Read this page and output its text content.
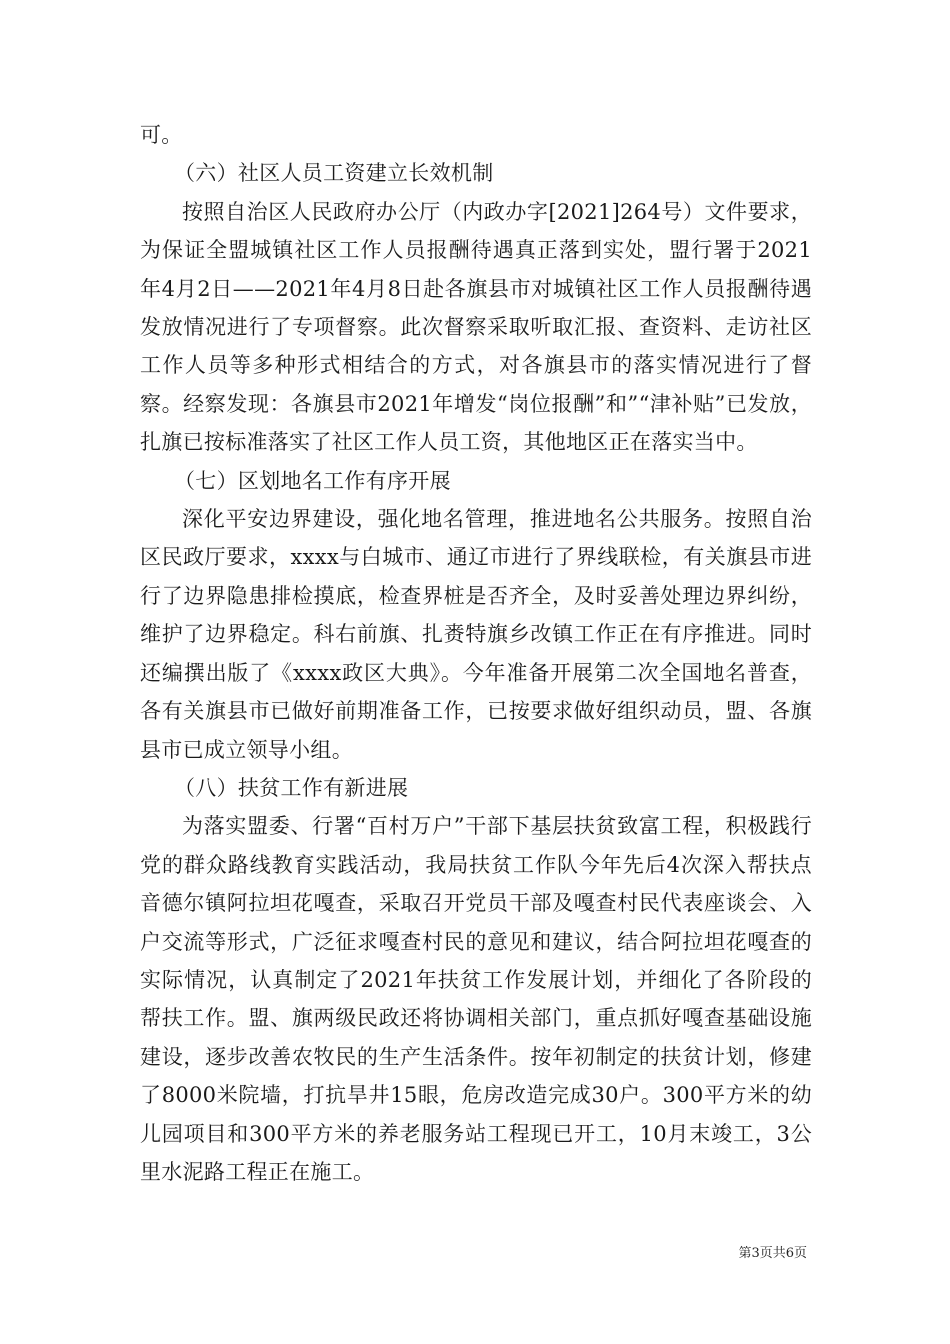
可。

（六）社区人员工资建立长效机制

按照自治区人民政府办公厅（内政办字[2021]264号）文件要求，为保证全盟城镇社区工作人员报酬待遇真正落到实处，盟行署于2021年4月2日——2021年4月8日赴各旗县市对城镇社区工作人员报酬待遇发放情况进行了专项督察。此次督察采取听取汇报、查资料、走访社区工作人员等多种形式相结合的方式，对各旗县市的落实情况进行了督察。经察发现：各旗县市2021年增发“岗位报酬”和”“津补贴”已发放，扎旗已按标准落实了社区工作人员工资，其他地区正在落实当中。

（七）区划地名工作有序开展

深化平安边界建设，强化地名管理，推进地名公共服务。按照自治区民政厅要求，xxxx与白城市、通辽市进行了界线联检，有关旗县市进行了边界隐患排检摸底，检查界桩是否齐全，及时妥善处理边界纠纷，维护了边界稳定。科右前旗、扎赉特旗乡改镇工作正在有序推进。同时还编撰出版了《xxxx政区大典》。今年准备开展第二次全国地名普查，各有关旗县市已做好前期准备工作，已按要求做好组织动员，盟、各旗县市已成立领导小组。

（八）扶贫工作有新进展

为落实盟委、行署“百村万户”干部下基层扶贫致富工程，积极践行党的群众路线教育实践活动，我局扶贫工作队今年先后4次深入帮扶点音德尔镇阿拉坦花嘎查，采取召开党员干部及嘎查村民代表座谈会、入户交流等形式，广泛征求嘎查村民的意见和建议，结合阿拉坦花嘎查的实际情况，认真制定了2021年扶贫工作发展计划，并细化了各阶段的帮扶工作。盟、旗两级民政还将协调相关部门，重点抓好嘎查基础设施建设，逐步改善农牧民的生产生活条件。按年初制定的扶贫计划，修建了8000米院墙，打抗旱井15眼，危房改造完成30户。300平方米的幼儿园项目和300平方米的养老服务站工程现已开工，10月末竣工，3公里水泥路工程正在施工。

第3页共6页
